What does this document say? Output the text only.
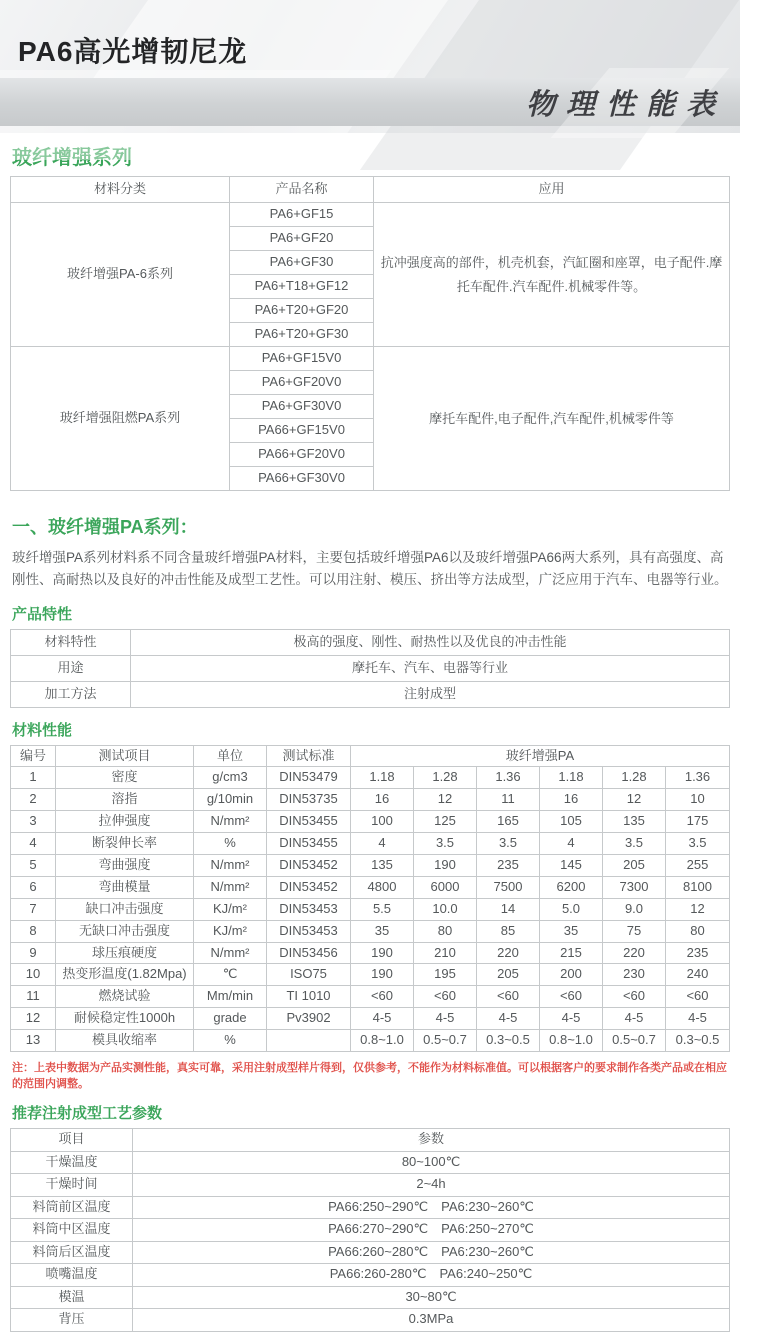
PA6高光增韧尼龙
物理性能表
玻纤增强系列
材料分类	产品名称	应用
玻纤增强PA-6系列	PA6+GF15	抗冲强度高的部件，机壳机套，汽缸圈和座罩，电子配件.摩托车配件.汽车配件.机械零件等。
	PA6+GF20	
	PA6+GF30	
	PA6+T18+GF12	
	PA6+T20+GF20	
	PA6+T20+GF30	
玻纤增强阻燃PA系列	PA6+GF15V0	摩托车配件,电子配件,汽车配件,机械零件等
	PA6+GF20V0	
	PA6+GF30V0	
	PA66+GF15V0	
	PA66+GF20V0	
	PA66+GF30V0	
一、玻纤增强PA系列：

玻纤增强PA系列材料系不同含量玻纤增强PA材料，主要包括玻纤增强PA6以及玻纤增强PA66两大系列，具有高强度、高刚性、高耐热以及良好的冲击性能及成型工艺性。可以用注射、模压、挤出等方法成型，广泛应用于汽车、电器等行业。

产品特性
材料特性	极高的强度、刚性、耐热性以及优良的冲击性能
用途	摩托车、汽车、电器等行业
加工方法	注射成型
材料性能
编号	测试项目	单位	测试标准	玻纤增强PA					
1	密度	g/cm3	DIN53479	1.18	1.28	1.36	1.18	1.28	1.36
2	溶指	g/10min	DIN53735	16	12	11	16	12	10
3	拉伸强度	N/mm²	DIN53455	100	125	165	105	135	175
4	断裂伸长率	%	DIN53455	4	3.5	3.5	4	3.5	3.5
5	弯曲强度	N/mm²	DIN53452	135	190	235	145	205	255
6	弯曲模量	N/mm²	DIN53452	4800	6000	7500	6200	7300	8100
7	缺口冲击强度	KJ/m²	DIN53453	5.5	10.0	14	5.0	9.0	12
8	无缺口冲击强度	KJ/m²	DIN53453	35	80	85	35	75	80
9	球压痕硬度	N/mm²	DIN53456	190	210	220	215	220	235
10	热变形温度(1.82Mpa)	℃	ISO75	190	195	205	200	230	240
11	燃烧试验	Mm/min	TI 1010	<60	<60	<60	<60	<60	<60
12	耐候稳定性1000h	grade	Pv3902	4-5	4-5	4-5	4-5	4-5	4-5
13	模具收缩率	%		0.8~1.0	0.5~0.7	0.3~0.5	0.8~1.0	0.5~0.7	0.3~0.5
注：上表中数据为产品实测性能，真实可靠，采用注射成型样片得到，仅供参考，不能作为材料标准值。可以根据客户的要求制作各类产品或在相应的范围内调整。
推荐注射成型工艺参数
项目	参数
干燥温度	80~100℃
干燥时间	2~4h
料筒前区温度	PA66:250~290℃　PA6:230~260℃
料筒中区温度	PA66:270~290℃　PA6:250~270℃
料筒后区温度	PA66:260~280℃　PA6:230~260℃
喷嘴温度	PA66:260-280℃　PA6:240~250℃
模温	30~80℃
背压	0.3MPa
